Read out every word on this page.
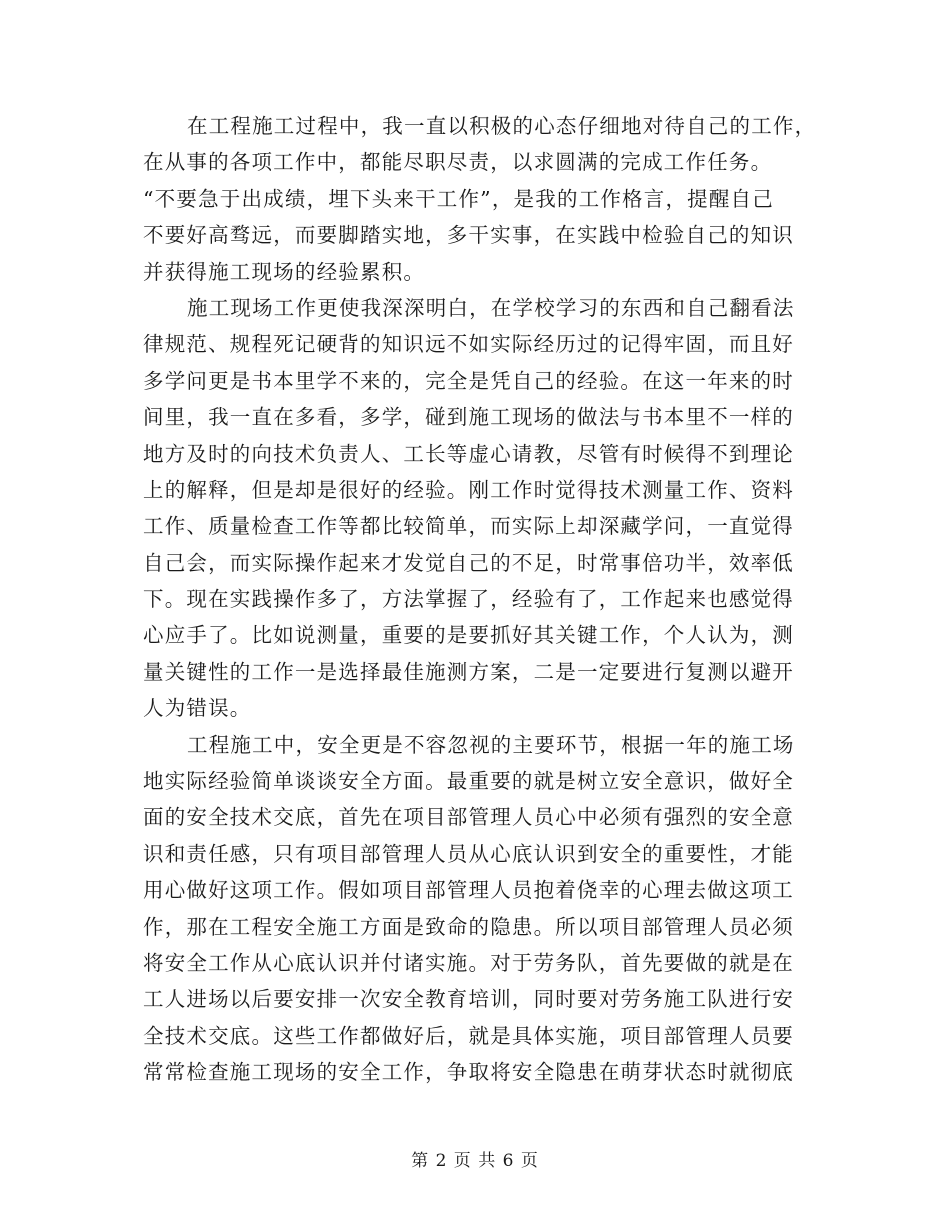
在工程施工过程中，我一直以积极的心态仔细地对待自己的工作，
在从事的各项工作中，都能尽职尽责，以求圆满的完成工作任务。
“不要急于出成绩，埋下头来干工作”，是我的工作格言，提醒自己
不要好高骛远，而要脚踏实地，多干实事，在实践中检验自己的知识
并获得施工现场的经验累积。
施工现场工作更使我深深明白，在学校学习的东西和自己翻看法
律规范、规程死记硬背的知识远不如实际经历过的记得牢固，而且好
多学问更是书本里学不来的，完全是凭自己的经验。在这一年来的时
间里，我一直在多看，多学，碰到施工现场的做法与书本里不一样的
地方及时的向技术负责人、工长等虚心请教，尽管有时候得不到理论
上的解释，但是却是很好的经验。刚工作时觉得技术测量工作、资料
工作、质量检查工作等都比较简单，而实际上却深藏学问，一直觉得
自己会，而实际操作起来才发觉自己的不足，时常事倍功半，效率低
下。现在实践操作多了，方法掌握了，经验有了，工作起来也感觉得
心应手了。比如说测量，重要的是要抓好其关键工作，个人认为，测
量关键性的工作一是选择最佳施测方案，二是一定要进行复测以避开
人为错误。
工程施工中，安全更是不容忽视的主要环节，根据一年的施工场
地实际经验简单谈谈安全方面。最重要的就是树立安全意识，做好全
面的安全技术交底，首先在项目部管理人员心中必须有强烈的安全意
识和责任感，只有项目部管理人员从心底认识到安全的重要性，才能
用心做好这项工作。假如项目部管理人员抱着侥幸的心理去做这项工
作，那在工程安全施工方面是致命的隐患。所以项目部管理人员必须
将安全工作从心底认识并付诸实施。对于劳务队，首先要做的就是在
工人进场以后要安排一次安全教育培训，同时要对劳务施工队进行安
全技术交底。这些工作都做好后，就是具体实施，项目部管理人员要
常常检查施工现场的安全工作，争取将安全隐患在萌芽状态时就彻底
第 2 页 共 6 页
